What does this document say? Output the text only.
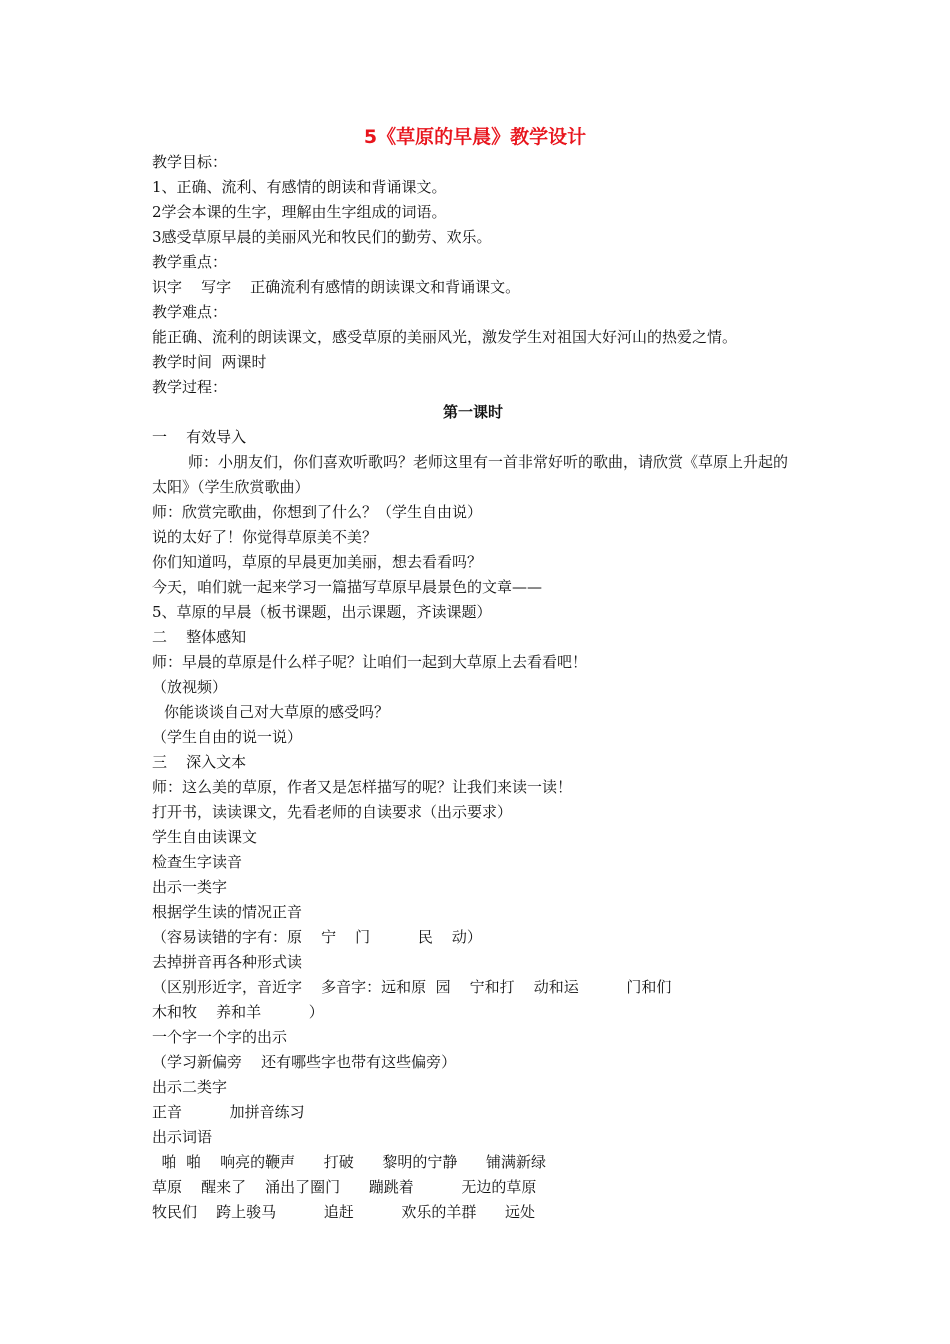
5《草原的早晨》教学设计
教学目标：
1、正确、流利、有感情的朗读和背诵课文。
2学会本课的生字，理解由生字组成的词语。
3感受草原早晨的美丽风光和牧民们的勤劳、欢乐。
教学重点：
识字    写字    正确流利有感情的朗读课文和背诵课文。
教学难点：
能正确、流利的朗读课文，感受草原的美丽风光，激发学生对祖国大好河山的热爱之情。
教学时间  两课时
教学过程：
第一课时
一    有效导入
师：小朋友们，你们喜欢听歌吗？老师这里有一首非常好听的歌曲，请欣赏《草原上升起的
太阳》（学生欣赏歌曲）
师：欣赏完歌曲，你想到了什么？（学生自由说）
说的太好了！你觉得草原美不美？
你们知道吗，草原的早晨更加美丽，想去看看吗？
今天，咱们就一起来学习一篇描写草原早晨景色的文章——
5、草原的早晨（板书课题，出示课题，齐读课题）
二    整体感知
师：早晨的草原是什么样子呢？让咱们一起到大草原上去看看吧！
（放视频）
你能谈谈自己对大草原的感受吗？
（学生自由的说一说）
三    深入文本
师：这么美的草原，作者又是怎样描写的呢？让我们来读一读！
打开书，读读课文，先看老师的自读要求（出示要求）
学生自由读课文
检查生字读音
出示一类字
根据学生读的情况正音
（容易读错的字有：原    宁    门          民    动）
去掉拼音再各种形式读
（区别形近字，音近字    多音字：远和原  园    宁和打    动和运          门和们
木和牧    养和羊          ）
一个字一个字的出示
（学习新偏旁    还有哪些字也带有这些偏旁）
出示二类字
正音          加拼音练习
出示词语
啪  啪    响亮的鞭声      打破      黎明的宁静      铺满新绿
草原    醒来了    涌出了圈门      蹦跳着          无边的草原
牧民们    跨上骏马          追赶          欢乐的羊群      远处
